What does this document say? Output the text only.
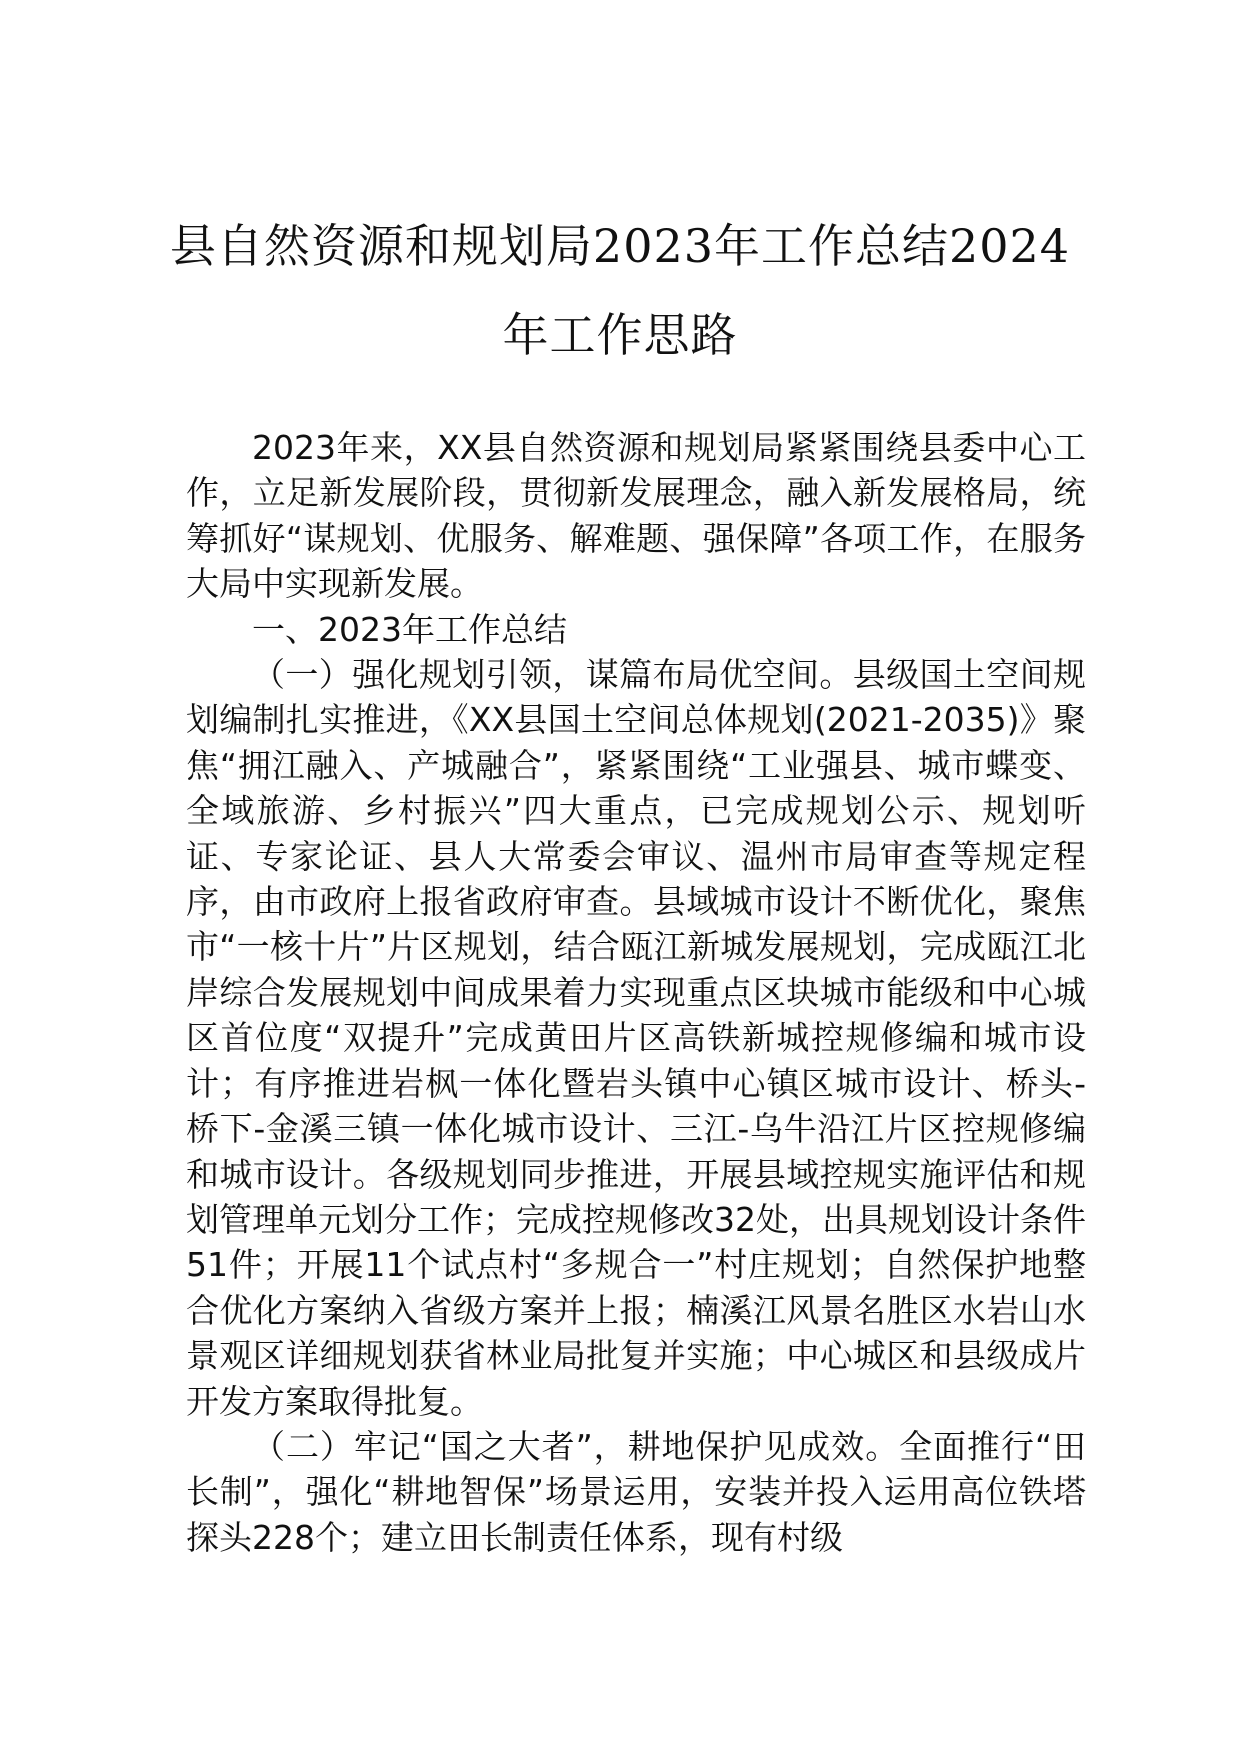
县自然资源和规划局2023年工作总结2024
年工作思路

2023年来，XX县自然资源和规划局紧紧围绕县委中心工作，立足新发展阶段，贯彻新发展理念，融入新发展格局，统筹抓好“谋规划、优服务、解难题、强保障”各项工作，在服务大局中实现新发展。

一、2023年工作总结

（一）强化规划引领，谋篇布局优空间。县级国土空间规划编制扎实推进，《XX县国土空间总体规划(2021-2035)》聚焦“拥江融入、产城融合”，紧紧围绕“工业强县、城市蝶变、全域旅游、乡村振兴”四大重点，已完成规划公示、规划听证、专家论证、县人大常委会审议、温州市局审查等规定程序，由市政府上报省政府审查。县域城市设计不断优化，聚焦市“一核十片”片区规划，结合瓯江新城发展规划，完成瓯江北岸综合发展规划中间成果着力实现重点区块城市能级和中心城区首位度“双提升”完成黄田片区高铁新城控规修编和城市设计；有序推进岩枫一体化暨岩头镇中心镇区城市设计、桥头-桥下-金溪三镇一体化城市设计、三江-乌牛沿江片区控规修编和城市设计。各级规划同步推进，开展县域控规实施评估和规划管理单元划分工作；完成控规修改32处，出具规划设计条件51件；开展11个试点村“多规合一”村庄规划；自然保护地整合优化方案纳入省级方案并上报；楠溪江风景名胜区水岩山水景观区详细规划获省林业局批复并实施；中心城区和县级成片开发方案取得批复。

（二）牢记“国之大者”，耕地保护见成效。全面推行“田长制”，强化“耕地智保”场景运用，安装并投入运用高位铁塔探头228个；建立田长制责任体系，现有村级
